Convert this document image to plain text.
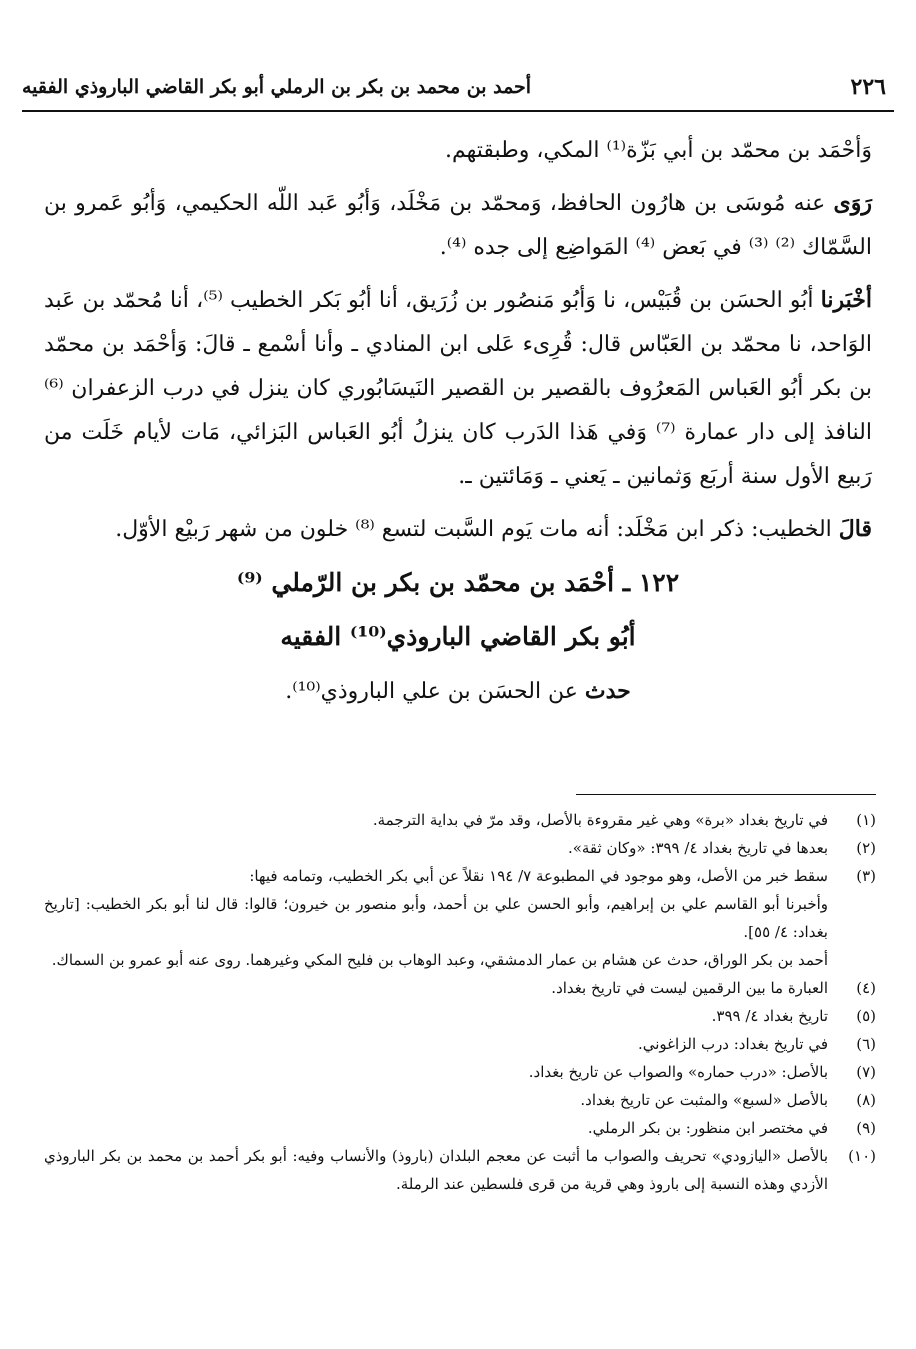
٢٢٦
أحمد بن محمد بن بكر بن الرملي أبو بكر القاضي الباروذي الفقيه

وَأحْمَد بن محمّد بن أبي بَزّة⁽¹⁾ المكي، وطبقتهم.

رَوَى عنه مُوسَى بن هارُون الحافظ، وَمحمّد بن مَخْلَد، وَأبُو عَبد اللّه الحكيمي، وَأبُو عَمرو بن السَّمّاك ⁽²⁾ ⁽³⁾ في بَعض ⁽⁴⁾ المَواضِع إلى جده ⁽⁴⁾.

أخْبَرنا أبُو الحسَن بن قُبَيْس، نا وَأبُو مَنصُور بن زُرَيق، أنا أبُو بَكر الخطيب ⁽⁵⁾، أنا مُحمّد بن عَبد الوَاحد، نا محمّد بن العَبّاس قال: قُرِىء عَلى ابن المنادي ـ وأنا أسْمع ـ قالَ: وَأحْمَد بن محمّد بن بكر أبُو العَباس المَعرُوف بالقصير بن القصير النَيسَابُوري كان ينزل في درب الزعفران ⁽⁶⁾ النافذ إلى دار عمارة ⁽⁷⁾ وَفي هَذا الدَرب كان ينزلُ أبُو العَباس البَزائي، مَات لأيام خَلَت من رَبيع الأول سنة أربَع وَثمانين ـ يَعني ـ وَمَائتين ـ.

قالَ الخطيب: ذكر ابن مَخْلَد: أنه مات يَوم السَّبت لتسع ⁽⁸⁾ خلون من شهر رَبيْع الأوّل.

١٢٢ ـ أحْمَد بن محمّد بن بكر بن الرّملي ⁽⁹⁾

أبُو بكر القاضي الباروذي⁽¹⁰⁾ الفقيه

حدث عن الحسَن بن علي الباروذي⁽¹⁰⁾.

(١)
في تاريخ بغداد «برة» وهي غير مقروءة بالأصل، وقد مرّ في بداية الترجمة.
(٢)
بعدها في تاريخ بغداد ٤/ ٣٩٩: «وكان ثقة».
(٣)
سقط خبر من الأصل، وهو موجود في المطبوعة ٧/ ١٩٤ نقلاً عن أبي بكر الخطيب، وتمامه فيها:

وأخبرنا أبو القاسم علي بن إبراهيم، وأبو الحسن علي بن أحمد، وأبو منصور بن خيرون؛ قالوا: قال لنا أبو بكر الخطيب: [تاريخ بغداد: ٤/ ٥٥].

أحمد بن بكر الوراق، حدث عن هشام بن عمار الدمشقي، وعبد الوهاب بن فليح المكي وغيرهما. روى عنه أبو عمرو بن السماك.

(٤)
العبارة ما بين الرقمين ليست في تاريخ بغداد.
(٥)
تاريخ بغداد ٤/ ٣٩٩.
(٦)
في تاريخ بغداد: درب الزاغوني.
(٧)
بالأصل: «درب حماره» والصواب عن تاريخ بغداد.
(٨)
بالأصل «لسبع» والمثبت عن تاريخ بغداد.
(٩)
في مختصر ابن منظور: بن بكر الرملي.
(١٠)
بالأصل «اليازودي» تحريف والصواب ما أثبت عن معجم البلدان (باروذ) والأنساب وفيه: أبو بكر أحمد بن محمد بن بكر الباروذي الأزدي وهذه النسبة إلى باروذ وهي قرية من قرى فلسطين عند الرملة.
